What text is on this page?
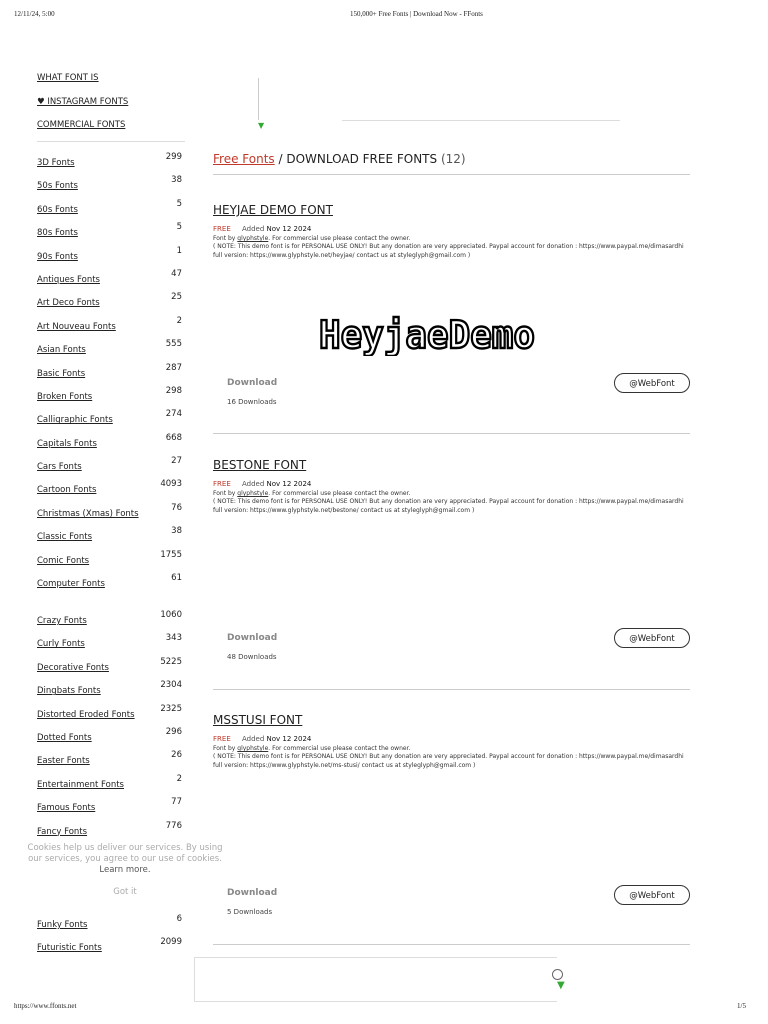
12/11/24, 5:00	150,000+ Free Fonts | Download Now - FFonts
WHAT FONT IS
♥ INSTAGRAM FONTS
COMMERCIAL FONTS
3D Fonts
299
50s Fonts
38
60s Fonts
5
80s Fonts
5
90s Fonts
1
Antiques Fonts
47
Art Deco Fonts
25
Art Nouveau Fonts
2
Asian Fonts
555
Basic Fonts
287
Broken Fonts
298
Calligraphic Fonts
274
Capitals Fonts
668
Cars Fonts
27
Cartoon Fonts
4093
Christmas (Xmas) Fonts
76
Classic Fonts
38
Comic Fonts
1755
Computer Fonts
61
Crazy Fonts
1060
Curly Fonts
343
Decorative Fonts
5225
Dingbats Fonts
2304
Distorted Eroded Fonts
2325
Dotted Fonts
296
Easter Fonts
26
Entertainment Fonts
2
Famous Fonts
77
Fancy Fonts
776
Cookies help us deliver our services. By using
our services, you agree to our use of cookies.
Learn more.
Got it
Funky Fonts
6
Futuristic Fonts
2099
▼
Free Fonts / DOWNLOAD FREE FONTS (12)
HEYJAE DEMO FONT
FREE Added Nov 12 2024
Font by glyphstyle. For commercial use please contact the owner.
( NOTE: This demo font is for PERSONAL USE ONLY! But any donation are very appreciated. Paypal account for donation : https://www.paypal.me/dimasardhi full version: https://www.glyphstyle.net/heyjae/ contact us at styleglyph@gmail.com )
HeyjaeDemo
Download
16 Downloads
@WebFont
BESTONE FONT
FREE Added Nov 12 2024
Font by glyphstyle. For commercial use please contact the owner.
( NOTE: This demo font is for PERSONAL USE ONLY! But any donation are very appreciated. Paypal account for donation : https://www.paypal.me/dimasardhi full version: https://www.glyphstyle.net/bestone/ contact us at styleglyph@gmail.com )
Download
48 Downloads
@WebFont
MSSTUSI FONT
FREE Added Nov 12 2024
Font by glyphstyle. For commercial use please contact the owner.
( NOTE: This demo font is for PERSONAL USE ONLY! But any donation are very appreciated. Paypal account for donation : https://www.paypal.me/dimasardhi full version: https://www.glyphstyle.net/ms-stusi/ contact us at styleglyph@gmail.com )
Download
5 Downloads
@WebFont
▼
https://www.ffonts.net	1/5
